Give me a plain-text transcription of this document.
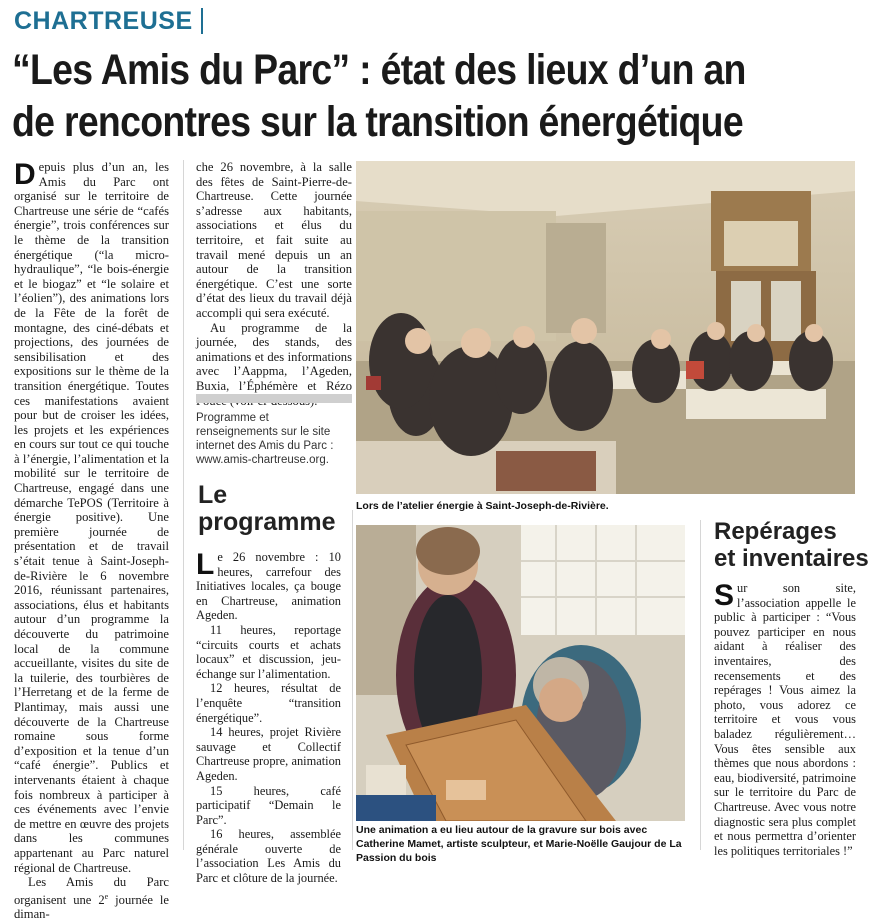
CHARTREUSE
“Les Amis du Parc” : état des lieux d’un an
de rencontres sur la transition énergétique

Depuis plus d’un an, les Amis du Parc ont organisé sur le territoire de Chartreuse une série de “cafés énergie”, trois conférences sur le thème de la transition énergétique (“la micro-hydraulique”, “le bois-énergie et le biogaz” et “le solaire et l’éolien”), des animations lors de la Fête de la forêt de montagne, des ciné-débats et projections, des journées de sensibilisation et des expositions sur le thème de la transition énergétique. Toutes ces manifestations avaient pour but de croiser les idées, les projets et les expériences en cours sur tout ce qui touche à l’énergie, l’alimentation et la mobilité sur le territoire de Chartreuse, engagé dans une démarche TePOS (Territoire à énergie positive). Une première journée de présentation et de travail s’était tenue à Saint-Joseph-de-Rivière le 6 novembre 2016, réunissant partenaires, associations, élus et habitants autour d’un programme la découverte du patrimoine local de la commune accueillante, visites du site de la tuilerie, des tourbières de l’Herretang et de la ferme de Plantimay, mais aussi une découverte de la Chartreuse romaine sous forme d’exposition et la tenue d’un “café énergie”. Publics et intervenants étaient à chaque fois nombreux à participer à ces événements avec l’envie de mettre en œuvre des projets dans les communes appartenant au Parc naturel régional de Chartreuse.

Les Amis du Parc organisent une 2e journée le diman-

che 26 novembre, à la salle des fêtes de Saint-Pierre-de-Chartreuse. Cette journée s’adresse aux habitants, associations et élus du territoire, et fait suite au travail mené depuis un an autour de la transition énergétique. C’est une sorte d’état des lieux du travail déjà accompli qui sera exécuté.

Au programme de la journée, des stands, des animations et des informations avec l’Aappma, l’Ageden, Buxia, l’Éphémère et Rézo Pouce (voir ci-dessous).

Programme et renseignements sur le site internet des Amis du Parc : www.amis-chartreuse.org.
Le
programme

Le 26 novembre : 10 heures, carrefour des Initiatives locales, ça bouge en Chartreuse, animation Ageden.

11 heures, reportage “circuits courts et achats locaux” et discussion, jeu-échange sur l’alimentation.

12 heures, résultat de l’enquête “transition énergétique”.

14 heures, projet Rivière sauvage et Collectif Chartreuse propre, animation Ageden.

15 heures, café participatif “Demain le Parc”.

16 heures, assemblée générale ouverte de l’association Les Amis du Parc et clôture de la journée.

Lors de l’atelier énergie à Saint-Joseph-de-Rivière.
Une animation a eu lieu autour de la gravure sur bois avec Catherine Mamet, artiste sculpteur, et Marie-Noëlle Gaujour de La Passion du bois
Repérages
et inventaires

Sur son site, l’association appelle le public à participer : “Vous pouvez participer en nous aidant à réaliser des inventaires, des recensements et des repérages ! Vous aimez la photo, vous adorez ce territoire et vous vous baladez régulièrement… Vous êtes sensible aux thèmes que nous abordons : eau, biodiversité, patrimoine sur le territoire du Parc de Chartreuse. Avec vous notre diagnostic sera plus complet et nous permettra d’orienter les politiques territoriales !”
